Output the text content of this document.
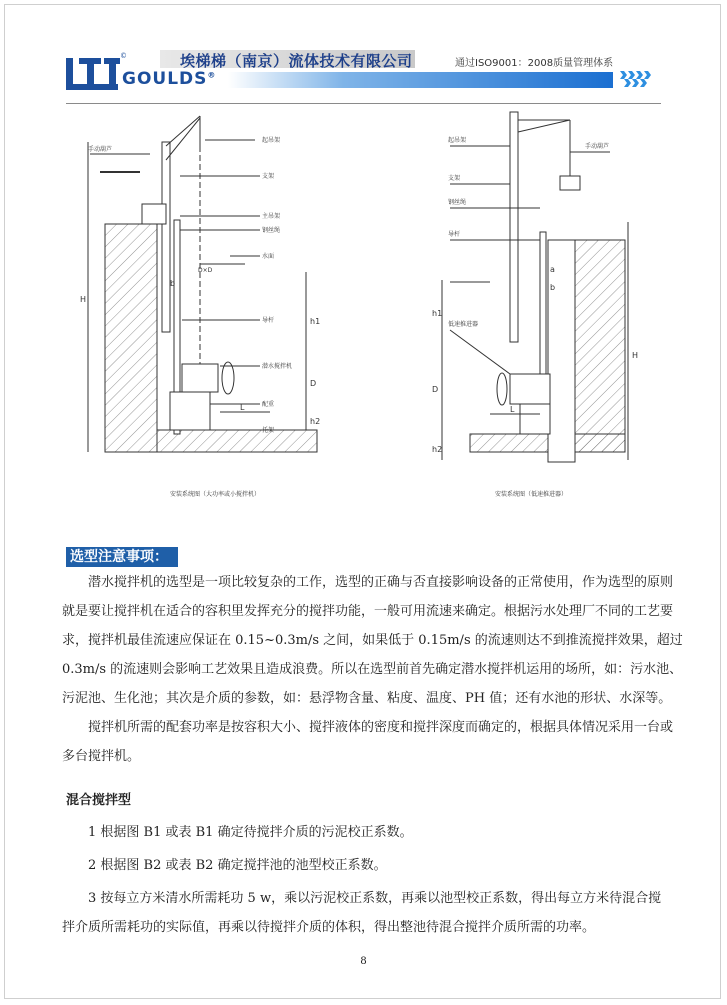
©
GOULDS®
埃梯梯（南京）流体技术有限公司	通过ISO9001：2008质量管理体系
手动葫芦
起吊架
支架
主吊架
钢丝绳
水面
导杆
潜水搅拌机
配重
托架
H
b
h1
D
h2
L
D×D
安装系统图（大功率或小搅拌机）
起吊架
手动葫芦
支架
钢丝绳
导杆
低速推进器
H
h1
D
h2
L
a
b
安装系统图（低速推进器）
选型注意事项：
潜水搅拌机的选型是一项比较复杂的工作，选型的正确与否直接影响设备的正常使用，作为选型的原则
就是要让搅拌机在适合的容积里发挥充分的搅拌功能，一般可用流速来确定。根据污水处理厂不同的工艺要
求，搅拌机最佳流速应保证在 0.15~0.3m/s 之间，如果低于 0.15m/s 的流速则达不到推流搅拌效果，超过
0.3m/s 的流速则会影响工艺效果且造成浪费。所以在选型前首先确定潜水搅拌机运用的场所，如：污水池、
污泥池、生化池；其次是介质的参数，如：悬浮物含量、粘度、温度、PH 值；还有水池的形状、水深等。
搅拌机所需的配套功率是按容积大小、搅拌液体的密度和搅拌深度而确定的，根据具体情况采用一台或
多台搅拌机。
混合搅拌型
1 根据图 B1 或表 B1 确定待搅拌介质的污泥校正系数。
2 根据图 B2 或表 B2 确定搅拌池的池型校正系数。
3 按每立方米清水所需耗功 5 w，乘以污泥校正系数，再乘以池型校正系数，得出每立方米待混合搅
拌介质所需耗功的实际值，再乘以待搅拌介质的体积，得出整池待混合搅拌介质所需的功率。
8
